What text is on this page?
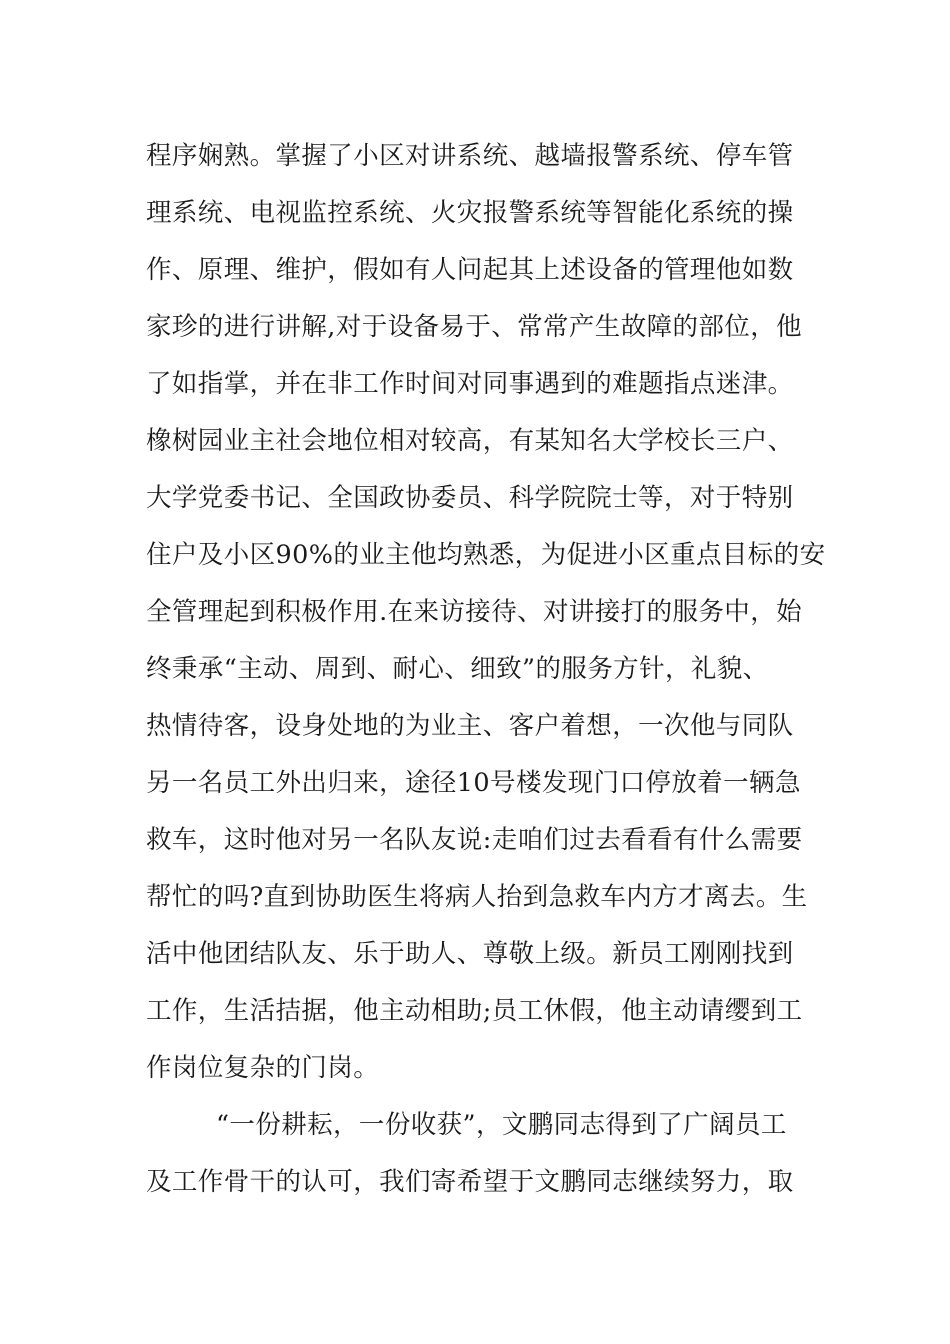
程序娴熟。掌握了小区对讲系统、越墙报警系统、停车管
理系统、电视监控系统、火灾报警系统等智能化系统的操
作、原理、维护，假如有人问起其上述设备的管理他如数
家珍的进行讲解,对于设备易于、常常产生故障的部位，他
了如指掌，并在非工作时间对同事遇到的难题指点迷津。
橡树园业主社会地位相对较高，有某知名大学校长三户、
大学党委书记、全国政协委员、科学院院士等，对于特别
住户及小区90%的业主他均熟悉，为促进小区重点目标的安
全管理起到积极作用.在来访接待、对讲接打的服务中，始
终秉承“主动、周到、耐心、细致”的服务方针，礼貌、
热情待客，设身处地的为业主、客户着想，一次他与同队
另一名员工外出归来，途径10号楼发现门口停放着一辆急
救车，这时他对另一名队友说:走咱们过去看看有什么需要
帮忙的吗?直到协助医生将病人抬到急救车内方才离去。生
活中他团结队友、乐于助人、尊敬上级。新员工刚刚找到
工作，生活拮据，他主动相助;员工休假，他主动请缨到工
作岗位复杂的门岗。
“一份耕耘，一份收获”，文鹏同志得到了广阔员工
及工作骨干的认可，我们寄希望于文鹏同志继续努力，取
